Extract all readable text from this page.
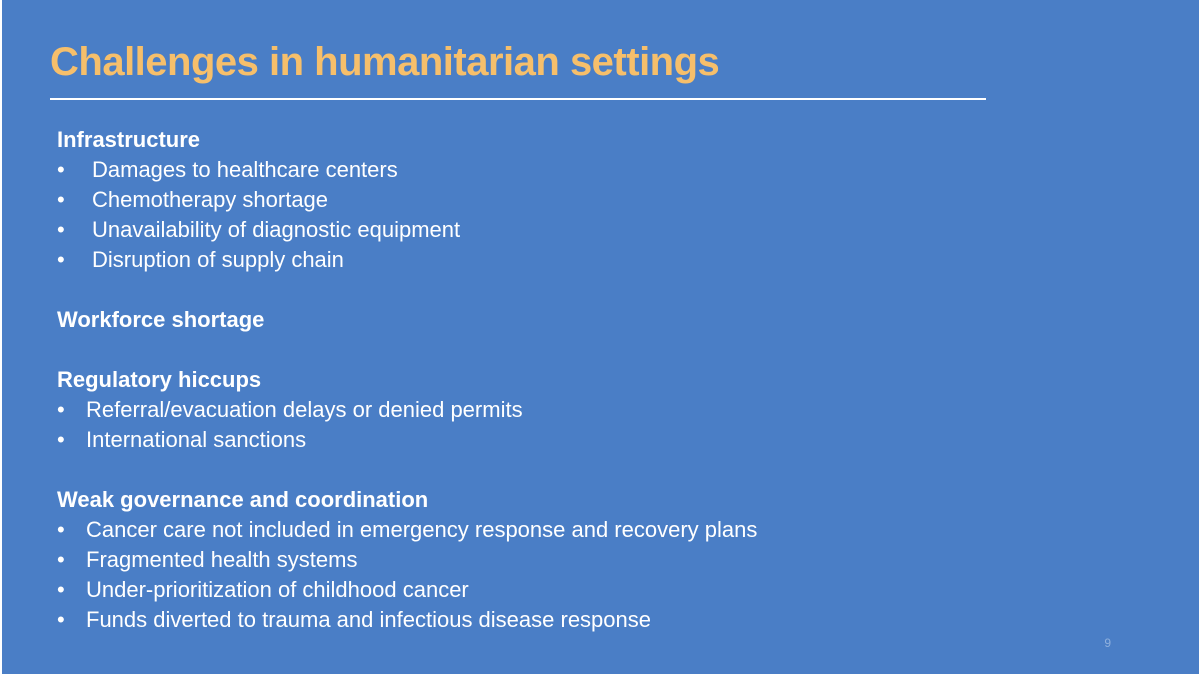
Challenges in humanitarian settings
Infrastructure
• Damages to healthcare centers
• Chemotherapy shortage
• Unavailability of diagnostic equipment
• Disruption of supply chain
Workforce shortage
Regulatory hiccups
• Referral/evacuation delays or denied permits
• International sanctions
Weak governance and coordination
• Cancer care not included in emergency response and recovery plans
• Fragmented health systems
• Under-prioritization of childhood cancer
• Funds diverted to trauma and infectious disease response
9
